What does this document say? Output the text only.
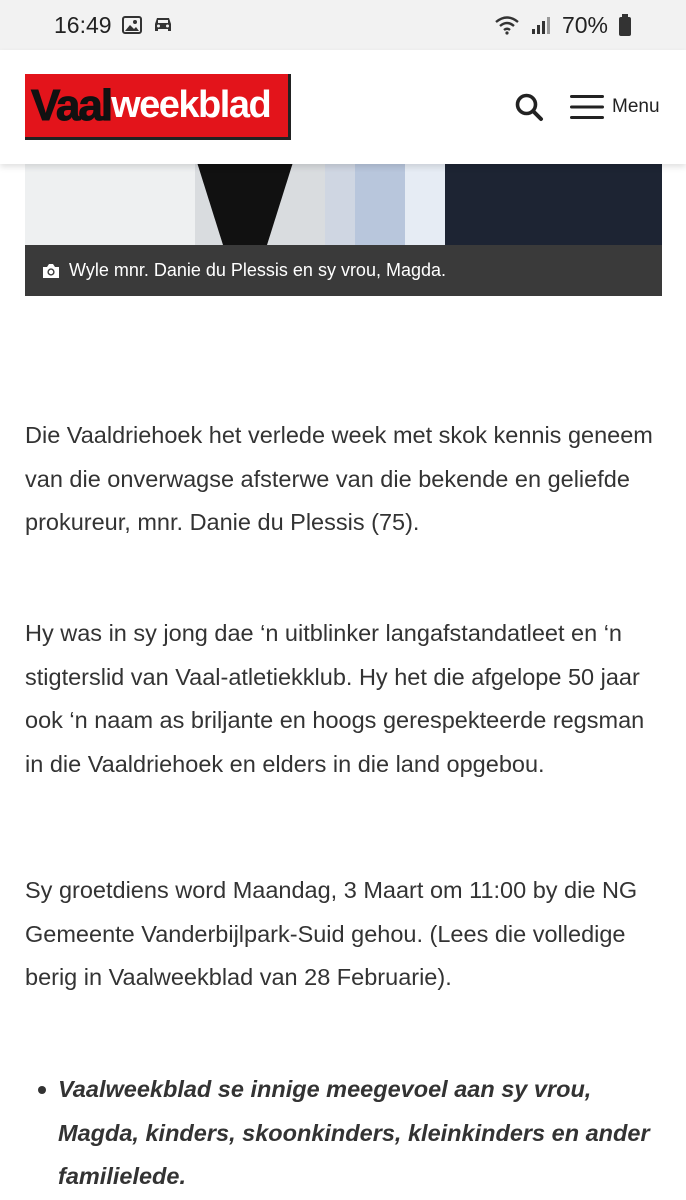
16:49	70%
Wyle mnr. Danie du Plessis en sy vrou, Magda.
Vaal weekblad	Menu

Die Vaaldriehoek het verlede week met skok kennis geneem van die onverwagse afsterwe van die bekende en geliefde prokureur, mnr. Danie du Plessis (75).

Hy was in sy jong dae ‘n uitblinker langafstandatleet en ‘n stigterslid van Vaal-atletiekklub. Hy het die afgelope 50 jaar ook ‘n naam as briljante en hoogs gerespekteerde regsman in die Vaaldriehoek en elders in die land opgebou.

Sy groetdiens word Maandag, 3 Maart om 11:00 by die NG Gemeente Vanderbijlpark-Suid gehou. (Lees die volledige berig in Vaalweekblad van 28 Februarie).

Vaalweekblad se innige meegevoel aan sy vrou, Magda, kinders, skoonkinders, kleinkinders en ander familielede.
